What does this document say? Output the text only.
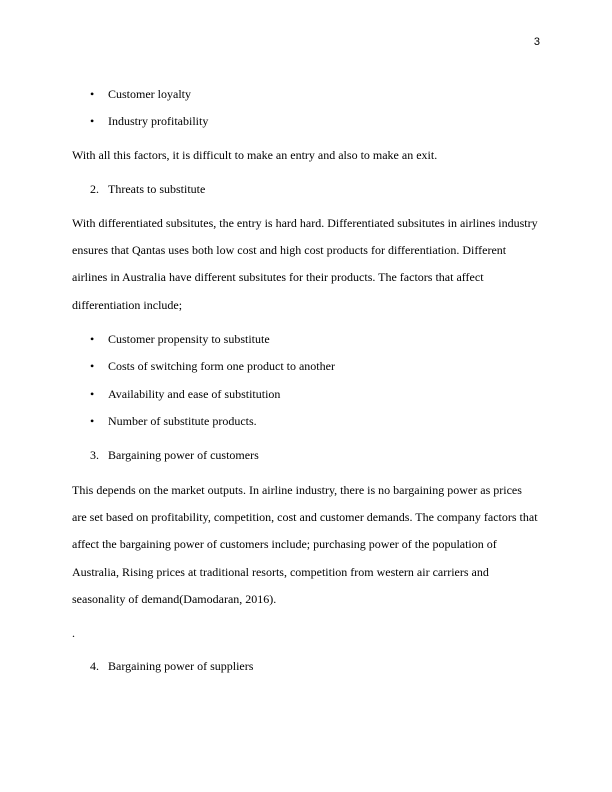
3
• Customer loyalty
• Industry profitability
With all this factors, it is difficult to make an entry and also to make an exit.
2. Threats to substitute
With differentiated subsitutes, the entry is hard hard. Differentiated subsitutes in airlines industry
ensures that Qantas uses both low cost and high cost products for differentiation. Different
airlines in Australia have different subsitutes for their products. The factors that affect
differentiation include;
• Customer propensity to substitute
• Costs of switching form one product to another
• Availability and ease of substitution
• Number of substitute products.
3. Bargaining power of customers
This depends on the market outputs. In airline industry, there is no bargaining power as prices
are set based on profitability, competition, cost and customer demands. The company factors that
affect the bargaining power of customers include; purchasing power of the population of
Australia, Rising prices at traditional resorts, competition from western air carriers and
seasonality of demand(Damodaran, 2016).
.
4. Bargaining power of suppliers
